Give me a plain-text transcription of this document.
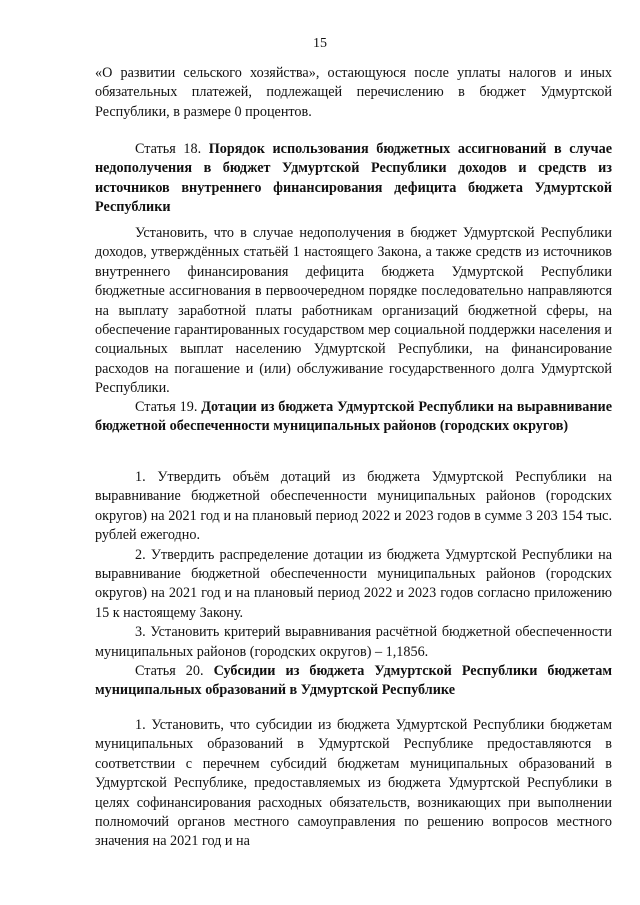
15

«О развитии сельского хозяйства», остающуюся после уплаты налогов и иных обязательных платежей, подлежащей перечислению в бюджет Удмуртской Республики, в размере 0 процентов.

Статья 18. Порядок использования бюджетных ассигнований в случае недополучения в бюджет Удмуртской Республики доходов и средств из источников внутреннего финансирования дефицита бюджета Удмуртской Республики

Установить, что в случае недополучения в бюджет Удмуртской Республики доходов, утверждённых статьёй 1 настоящего Закона, а также средств из источников внутреннего финансирования дефицита бюджета Удмуртской Республики бюджетные ассигнования в первоочередном порядке последовательно направляются на выплату заработной платы работникам организаций бюджетной сферы, на обеспечение гарантированных государством мер социальной поддержки населения и социальных выплат населению Удмуртской Республики, на финансирование расходов на погашение и (или) обслуживание государственного долга Удмуртской Республики.

Статья 19. Дотации из бюджета Удмуртской Республики на выравнивание бюджетной обеспеченности муниципальных районов (городских округов)

1. Утвердить объём дотаций из бюджета Удмуртской Республики на выравнивание бюджетной обеспеченности муниципальных районов (городских округов) на 2021 год и на плановый период 2022 и 2023 годов в сумме 3 203 154 тыс. рублей ежегодно.

2. Утвердить распределение дотации из бюджета Удмуртской Республики на выравнивание бюджетной обеспеченности муниципальных районов (городских округов) на 2021 год и на плановый период 2022 и 2023 годов согласно приложению 15 к настоящему Закону.

3. Установить критерий выравнивания расчётной бюджетной обеспеченности муниципальных районов (городских округов) – 1,1856.

Статья 20. Субсидии из бюджета Удмуртской Республики бюджетам муниципальных образований в Удмуртской Республике

1. Установить, что субсидии из бюджета Удмуртской Республики бюджетам муниципальных образований в Удмуртской Республике предоставляются в соответствии с перечнем субсидий бюджетам муниципальных образований в Удмуртской Республике, предоставляемых из бюджета Удмуртской Республики в целях софинансирования расходных обязательств, возникающих при выполнении полномочий органов местного самоуправления по решению вопросов местного значения на 2021 год и на
